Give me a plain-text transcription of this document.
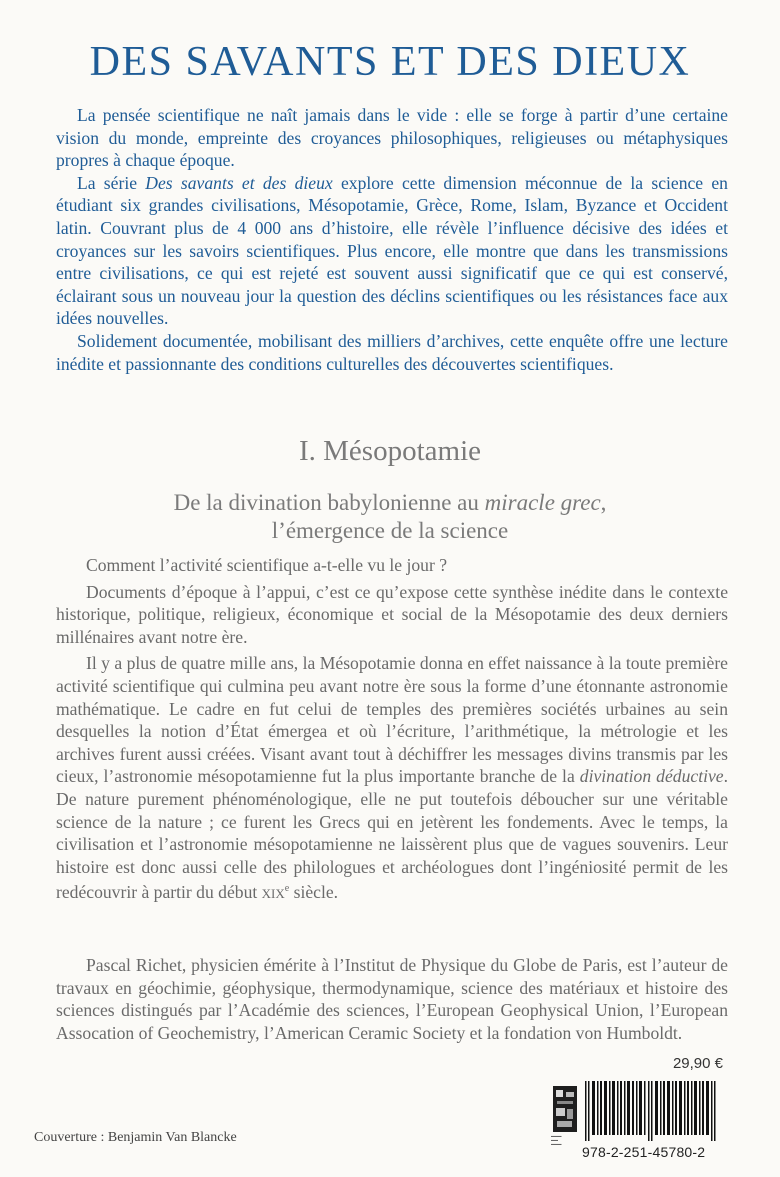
DES SAVANTS ET DES DIEUX

La pensée scientifique ne naît jamais dans le vide : elle se forge à partir d’une certaine vision du monde, empreinte des croyances philosophiques, religieuses ou métaphysiques propres à chaque époque.

La série Des savants et des dieux explore cette dimension méconnue de la science en étudiant six grandes civilisations, Mésopotamie, Grèce, Rome, Islam, Byzance et Occident latin. Couvrant plus de 4 000 ans d’histoire, elle révèle l’influence décisive des idées et croyances sur les savoirs scientifiques. Plus encore, elle montre que dans les transmissions entre civilisations, ce qui est rejeté est souvent aussi significatif que ce qui est conservé, éclairant sous un nouveau jour la question des déclins scientifiques ou les résistances face aux idées nouvelles.

Solidement documentée, mobilisant des milliers d’archives, cette enquête offre une lecture inédite et passionnante des conditions culturelles des découvertes scientifiques.

I. Mésopotamie
De la divination babylonienne au miracle grec,
l’émergence de la science

Comment l’activité scientifique a-t-elle vu le jour ?

Documents d’époque à l’appui, c’est ce qu’expose cette synthèse inédite dans le contexte historique, politique, religieux, économique et social de la Mésopotamie des deux derniers millénaires avant notre ère.

Il y a plus de quatre mille ans, la Mésopotamie donna en effet naissance à la toute première activité scientifique qui culmina peu avant notre ère sous la forme d’une étonnante astronomie mathématique. Le cadre en fut celui de temples des premières sociétés urbaines au sein desquelles la notion d’État émergea et où l’écriture, l’arithmétique, la métrologie et les archives furent aussi créées. Visant avant tout à déchiffrer les messages divins transmis par les cieux, l’astronomie mésopotamienne fut la plus importante branche de la divination déductive. De nature purement phénoménologique, elle ne put toutefois déboucher sur une véritable science de la nature ; ce furent les Grecs qui en jetèrent les fondements. Avec le temps, la civilisation et l’astronomie mésopotamienne ne laissèrent plus que de vagues souvenirs. Leur histoire est donc aussi celle des philologues et archéologues dont l’ingéniosité permit de les redécouvrir à partir du début XIXe siècle.

Pascal Richet, physicien émérite à l’Institut de Physique du Globe de Paris, est l’auteur de travaux en géochimie, géophysique, thermodynamique, science des matériaux et histoire des sciences distingués par l’Académie des sciences, l’European Geophysical Union, l’European Assocation of Geochemistry, l’American Ceramic Society et la fondation von Humboldt.

29,90 €
▬▬▬
▬▬
▬▬▬	978-2-251-45780-2
Couverture : Benjamin Van Blancke
